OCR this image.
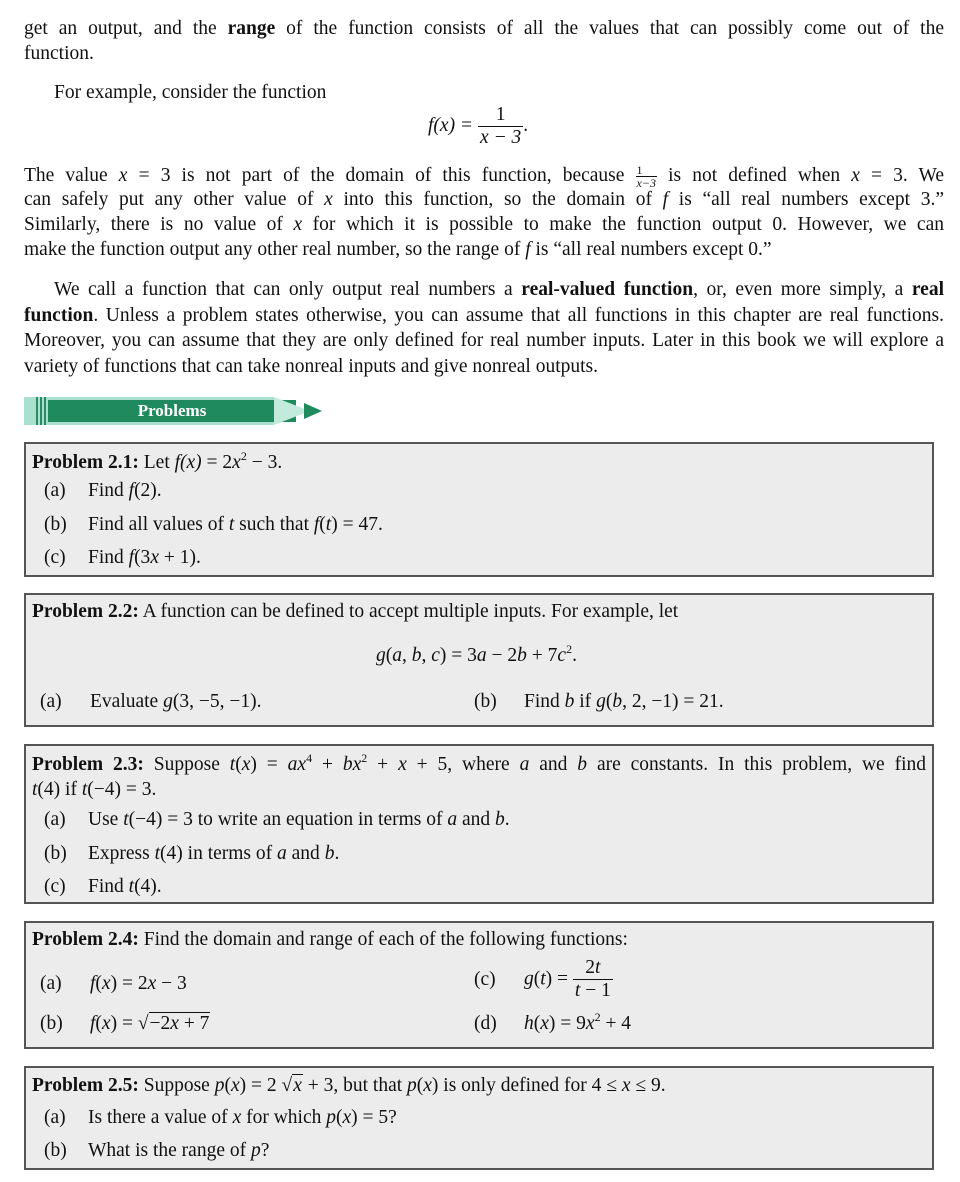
get an output, and the range of the function consists of all the values that can possibly come out of the
function.
For example, consider the function
$f(x) = \frac{1}{x - 3}$ .
The value x = 3 is not part of the domain of this function, because $\frac{1}{x-3}$ is not defined when x = 3. We
can safely put any other value of x into this function, so the domain of f is “all real numbers except 3.”
Similarly, there is no value of x for which it is possible to make the function output 0. However, we can
make the function output any other real number, so the range of f is “all real numbers except 0.”
We call a function that can only output real numbers a real-valued function, or, even more simply, a real function. Unless a problem states otherwise, you can assume that all functions in this chapter are real functions. Moreover, you can assume that they are only defined for real number inputs. Later in this book we will explore a variety of functions that can take nonreal inputs and give nonreal outputs.
Problems
Problem 2.1: Let $f(x) = 2x^2 - 3$.
(a) Find f(2).
(b) Find all values of t such that f(t) = 47.
(c) Find f(3x + 1).
Problem 2.2: A function can be defined to accept multiple inputs. For example, let
g(a, b, $c) = 3a - 2b + 7c^2$.
(a) Evaluate g(3, −5, −1).	(b) Find b if g(b, 2, −1) = 21.
Problem 2.3: Suppose $t(x) = ax^4 + bx^2 + x + 5$, where a and b are constants. In this problem, we find
t(4) if t(−4) = 3.
(a) Use t(−4) = 3 to write an equation in terms of a and b.
(b) Express t(4) in terms of a and b.
(c) Find t(4).
Problem 2.4: Find the domain and range of each of the following functions:
(a) f(x) = 2x − 3
(b) f(x) = √−2x + 7
(c) $g(t) = \frac{2t}{t - 1}$
(d) $h(x) = 9x^2 + 4$
Problem 2.5: Suppose p(x) = 2 √x + 3, but that p(x) is only defined for 4 ≤ x ≤ 9.
(a) Is there a value of x for which p(x) = 5?
(b) What is the range of p?
